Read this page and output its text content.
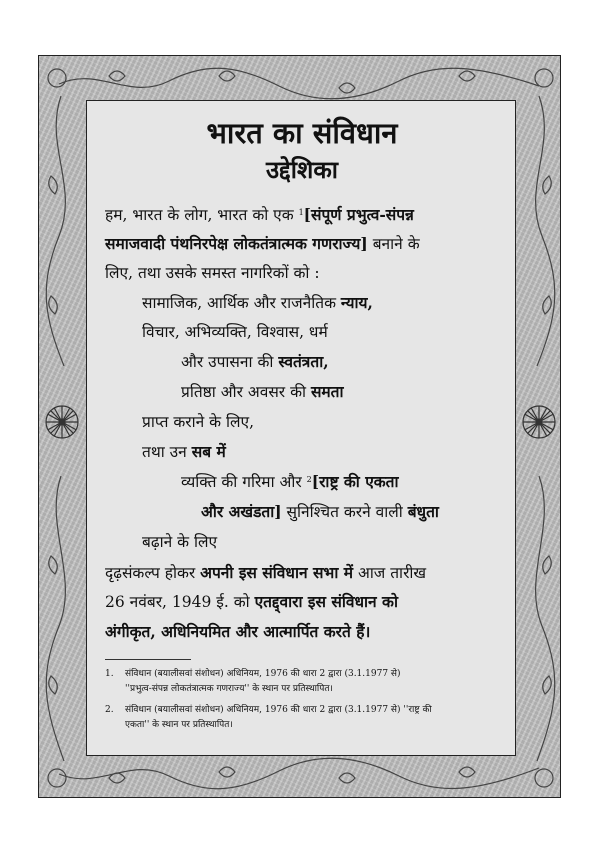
भारत का संविधान
उद्देशिका
हम, भारत के लोग, भारत को एक $^1$[संपूर्ण प्रभुत्व-संपन्न
समाजवादी पंथनिरपेक्ष लोकतंत्रात्मक गणराज्य] बनाने के
लिए, तथा उसके समस्त नागरिकों को :
सामाजिक, आर्थिक और राजनैतिक न्याय,
विचार, अभिव्यक्ति, विश्वास, धर्म
और उपासना की स्वतंत्रता,
प्रतिष्ठा और अवसर की समता
प्राप्त कराने के लिए,
तथा उन सब में
व्यक्ति की गरिमा और $^2$[राष्ट्र की एकता
और अखंडता] सुनिश्चित करने वाली बंधुता
बढ़ाने के लिए
दृढ़संकल्प होकर अपनी इस संविधान सभा में आज तारीख
26 नवंबर, 1949 ई. को एतद्द्वारा इस संविधान को
अंगीकृत, अधिनियमित और आत्मार्पित करते हैं।
1. संविधान (बयालीसवां संशोधन) अधिनियम, 1976 की धारा 2 द्वारा (3.1.1977 से)
''प्रभुत्व-संपन्न लोकतंत्रात्मक गणराज्य'' के स्थान पर प्रतिस्थापित।
2. संविधान (बयालीसवां संशोधन) अधिनियम, 1976 की धारा 2 द्वारा (3.1.1977 से) ''राष्ट्र की
एकता'' के स्थान पर प्रतिस्थापित।
